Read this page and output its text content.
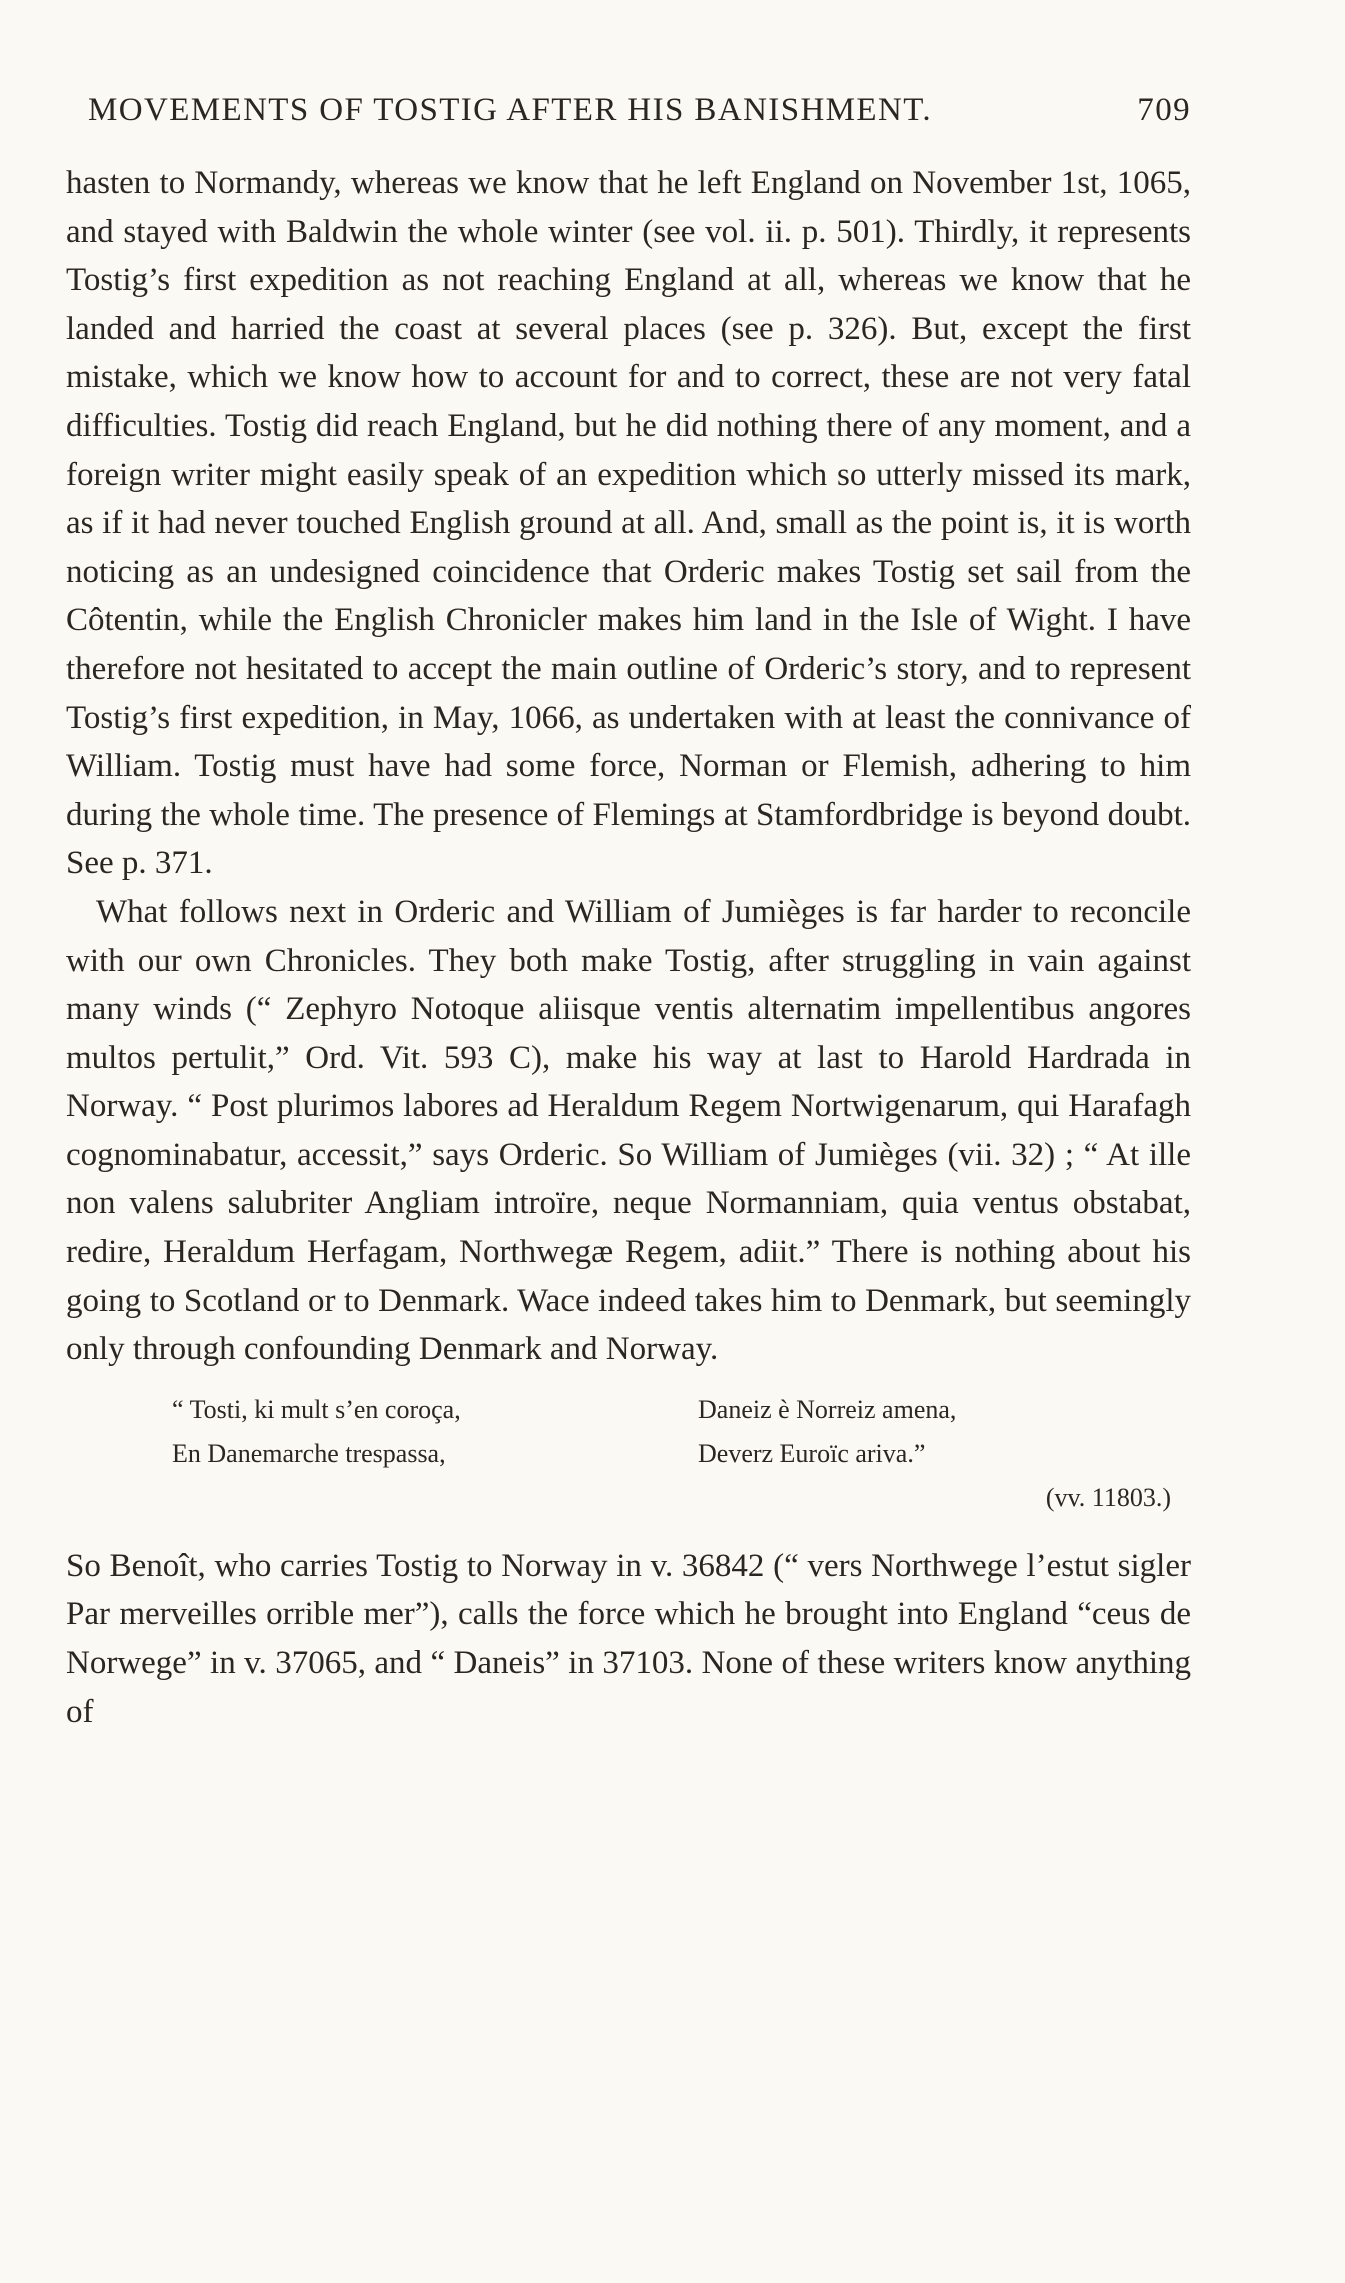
MOVEMENTS OF TOSTIG AFTER HIS BANISHMENT.	709

hasten to Normandy, whereas we know that he left England on November 1st, 1065, and stayed with Baldwin the whole winter (see vol. ii. p. 501). Thirdly, it represents Tostig’s first expedition as not reaching England at all, whereas we know that he landed and harried the coast at several places (see p. 326). But, except the first mistake, which we know how to account for and to correct, these are not very fatal difficulties. Tostig did reach England, but he did nothing there of any moment, and a foreign writer might easily speak of an expedition which so utterly missed its mark, as if it had never touched English ground at all. And, small as the point is, it is worth noticing as an undesigned coincidence that Orderic makes Tostig set sail from the Côtentin, while the English Chronicler makes him land in the Isle of Wight. I have therefore not hesitated to accept the main outline of Orderic’s story, and to represent Tostig’s first expedition, in May, 1066, as undertaken with at least the connivance of William. Tostig must have had some force, Norman or Flemish, adhering to him during the whole time. The presence of Flemings at Stamfordbridge is beyond doubt. See p. 371.

What follows next in Orderic and William of Jumièges is far harder to reconcile with our own Chronicles. They both make Tostig, after struggling in vain against many winds (“ Zephyro Notoque aliisque ventis alternatim impellentibus angores multos pertulit,” Ord. Vit. 593 C), make his way at last to Harold Hardrada in Norway. “ Post plurimos labores ad Heraldum Regem Nortwigenarum, qui Harafagh cognominabatur, accessit,” says Orderic. So William of Jumièges (vii. 32) ; “ At ille non valens salubriter Angliam introïre, neque Normanniam, quia ventus obstabat, redire, Heraldum Herfagam, Northwegæ Regem, adiit.” There is nothing about his going to Scotland or to Denmark. Wace indeed takes him to Denmark, but seemingly only through confounding Denmark and Norway.

“ Tosti, ki mult s’en coroça,	Daneiz è Norreiz amena,
En Danemarche trespassa,	Deverz Euroïc ariva.”
(vv. 11803.)

So Benoît, who carries Tostig to Norway in v. 36842 (“ vers Northwege l’estut sigler Par merveilles orrible mer”), calls the force which he brought into England “ceus de Norwege” in v. 37065, and “ Daneis” in 37103. None of these writers know anything of
